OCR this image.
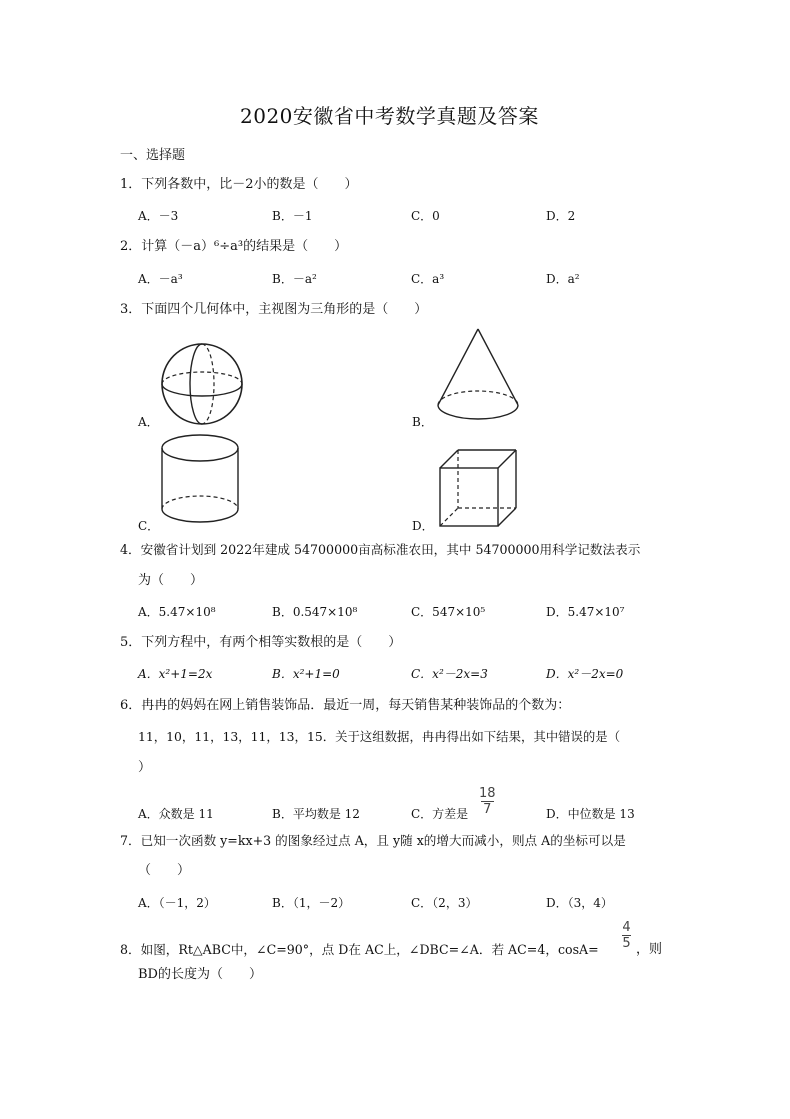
2020安徽省中考数学真题及答案
一、选择题
1．下列各数中，比－2小的数是（　　）
A．－3	B．－1	C．0	D．2
2．计算（－a）⁶÷a³的结果是（　　）
A．－a³	B．－a²	C．a³	D．a²
3．下面四个几何体中，主视图为三角形的是（　　）
A．	B．
C．	D．
4．安徽省计划到 2022年建成 54700000亩高标准农田，其中 54700000用科学记数法表示
为（　　）
A．5.47×10⁸	B．0.547×10⁸	C．547×10⁵	D．5.47×10⁷
5．下列方程中，有两个相等实数根的是（　　）
A．x²+1=2x	B．x²+1=0	C．x²－2x=3	D．x²－2x=0
6．冉冉的妈妈在网上销售装饰品．最近一周，每天销售某种装饰品的个数为：
11，10，11，13，11，13，15．关于这组数据，冉冉得出如下结果，其中错误的是（
）
A．众数是 11	B．平均数是 12	C．方差是
18
7	D．中位数是 13
7．已知一次函数 y=kx+3 的图象经过点 A，且 y随 x的增大而减小，则点 A的坐标可以是
（　　）
A．（－1，2）	B．（1，－2）	C．（2，3）	D．（3，4）
8．如图，Rt△ABC中，∠C=90°，点 D在 AC上，∠DBC=∠A．若 AC=4，cosA=
4
5 ，则
BD的长度为（　　）
